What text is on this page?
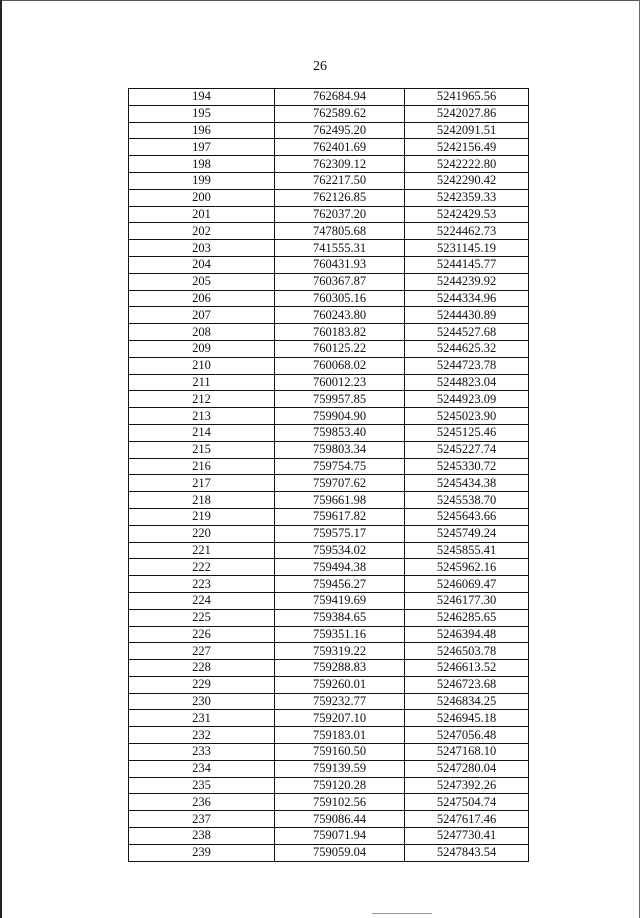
26
194	762684.94	5241965.56
195	762589.62	5242027.86
196	762495.20	5242091.51
197	762401.69	5242156.49
198	762309.12	5242222.80
199	762217.50	5242290.42
200	762126.85	5242359.33
201	762037.20	5242429.53
202	747805.68	5224462.73
203	741555.31	5231145.19
204	760431.93	5244145.77
205	760367.87	5244239.92
206	760305.16	5244334.96
207	760243.80	5244430.89
208	760183.82	5244527.68
209	760125.22	5244625.32
210	760068.02	5244723.78
211	760012.23	5244823.04
212	759957.85	5244923.09
213	759904.90	5245023.90
214	759853.40	5245125.46
215	759803.34	5245227.74
216	759754.75	5245330.72
217	759707.62	5245434.38
218	759661.98	5245538.70
219	759617.82	5245643.66
220	759575.17	5245749.24
221	759534.02	5245855.41
222	759494.38	5245962.16
223	759456.27	5246069.47
224	759419.69	5246177.30
225	759384.65	5246285.65
226	759351.16	5246394.48
227	759319.22	5246503.78
228	759288.83	5246613.52
229	759260.01	5246723.68
230	759232.77	5246834.25
231	759207.10	5246945.18
232	759183.01	5247056.48
233	759160.50	5247168.10
234	759139.59	5247280.04
235	759120.28	5247392.26
236	759102.56	5247504.74
237	759086.44	5247617.46
238	759071.94	5247730.41
239	759059.04	5247843.54
